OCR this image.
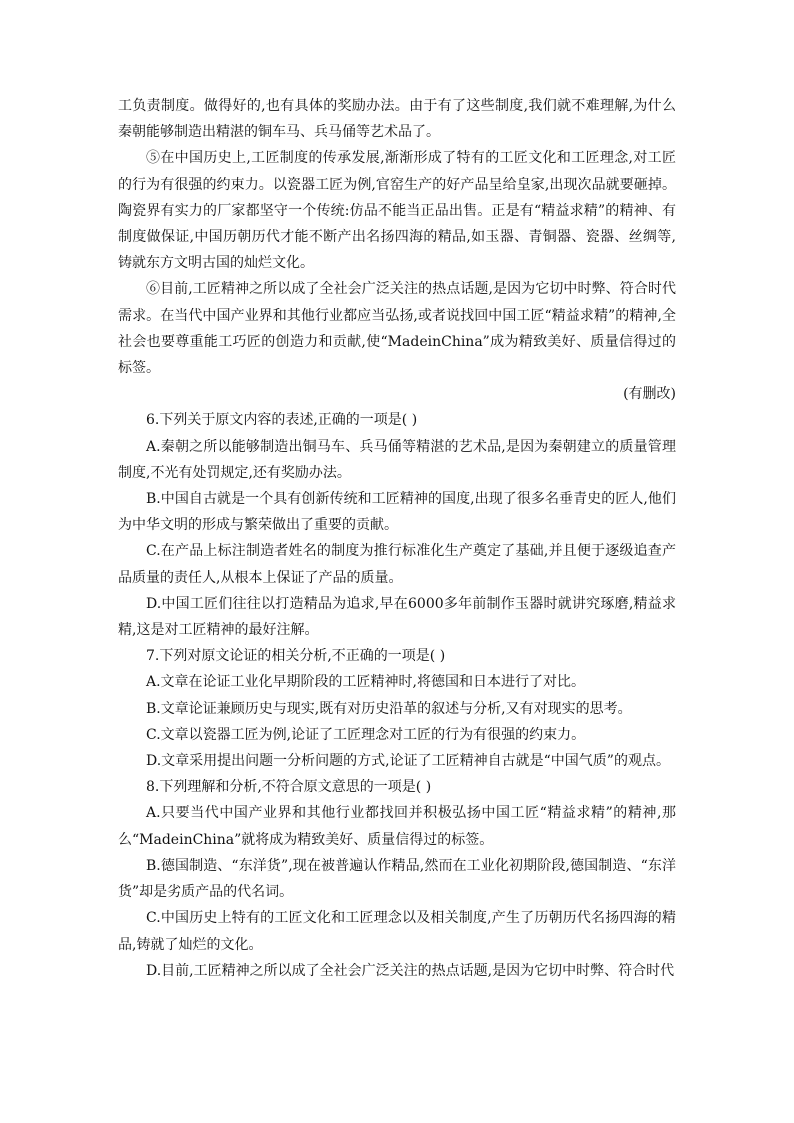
工负责制度。做得好的,也有具体的奖励办法。由于有了这些制度,我们就不难理解,为什么秦朝能够制造出精湛的铜车马、兵马俑等艺术品了。

⑤在中国历史上,工匠制度的传承发展,渐渐形成了特有的工匠文化和工匠理念,对工匠的行为有很强的约束力。以瓷器工匠为例,官窑生产的好产品呈给皇家,出现次品就要砸掉。陶瓷界有实力的厂家都坚守一个传统:仿品不能当正品出售。正是有“精益求精”的精神、有制度做保证,中国历朝历代才能不断产出名扬四海的精品,如玉器、青铜器、瓷器、丝绸等,铸就东方文明古国的灿烂文化。

⑥目前,工匠精神之所以成了全社会广泛关注的热点话题,是因为它切中时弊、符合时代需求。在当代中国产业界和其他行业都应当弘扬,或者说找回中国工匠“精益求精”的精神,全社会也要尊重能工巧匠的创造力和贡献,使“MadeinChina”成为精致美好、质量信得过的标签。

(有删改)

6.下列关于原文内容的表述,正确的一项是( )

A.秦朝之所以能够制造出铜马车、兵马俑等精湛的艺术品,是因为秦朝建立的质量管理制度,不光有处罚规定,还有奖励办法。

B.中国自古就是一个具有创新传统和工匠精神的国度,出现了很多名垂青史的匠人,他们为中华文明的形成与繁荣做出了重要的贡献。

C.在产品上标注制造者姓名的制度为推行标准化生产奠定了基础,并且便于逐级追查产品质量的责任人,从根本上保证了产品的质量。

D.中国工匠们往往以打造精品为追求,早在6000多年前制作玉器时就讲究琢磨,精益求精,这是对工匠精神的最好注解。

7.下列对原文论证的相关分析,不正确的一项是( )

A.文章在论证工业化早期阶段的工匠精神时,将德国和日本进行了对比。

B.文章论证兼顾历史与现实,既有对历史沿革的叙述与分析,又有对现实的思考。

C.文章以瓷器工匠为例,论证了工匠理念对工匠的行为有很强的约束力。

D.文章采用提出问题一分析问题的方式,论证了工匠精神自古就是“中国气质”的观点。

8.下列理解和分析,不符合原文意思的一项是( )

A.只要当代中国产业界和其他行业都找回并积极弘扬中国工匠“精益求精”的精神,那么“MadeinChina”就将成为精致美好、质量信得过的标签。

B.德国制造、“东洋货”,现在被普遍认作精品,然而在工业化初期阶段,德国制造、“东洋货”却是劣质产品的代名词。

C.中国历史上特有的工匠文化和工匠理念以及相关制度,产生了历朝历代名扬四海的精品,铸就了灿烂的文化。

D.目前,工匠精神之所以成了全社会广泛关注的热点话题,是因为它切中时弊、符合时代
